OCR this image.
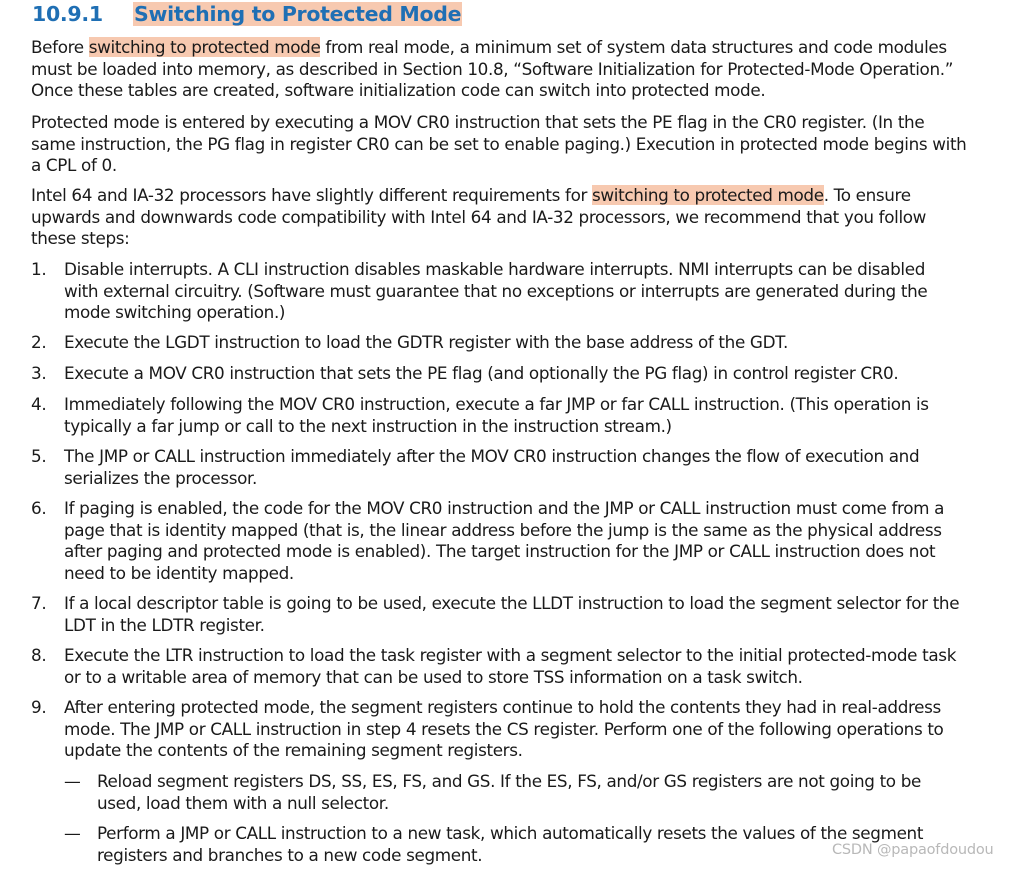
10.9.1	Switching to Protected Mode
Before switching to protected mode from real mode, a minimum set of system data structures and code modules
must be loaded into memory, as described in Section 10.8, “Software Initialization for Protected-Mode Operation.”
Once these tables are created, software initialization code can switch into protected mode.
Protected mode is entered by executing a MOV CR0 instruction that sets the PE flag in the CR0 register. (In the
same instruction, the PG flag in register CR0 can be set to enable paging.) Execution in protected mode begins with
a CPL of 0.
Intel 64 and IA-32 processors have slightly different requirements for switching to protected mode. To ensure
upwards and downwards code compatibility with Intel 64 and IA-32 processors, we recommend that you follow
these steps:
1. Disable interrupts. A CLI instruction disables maskable hardware interrupts. NMI interrupts can be disabled
with external circuitry. (Software must guarantee that no exceptions or interrupts are generated during the
mode switching operation.)
2. Execute the LGDT instruction to load the GDTR register with the base address of the GDT.
3. Execute a MOV CR0 instruction that sets the PE flag (and optionally the PG flag) in control register CR0.
4. Immediately following the MOV CR0 instruction, execute a far JMP or far CALL instruction. (This operation is
typically a far jump or call to the next instruction in the instruction stream.)
5. The JMP or CALL instruction immediately after the MOV CR0 instruction changes the flow of execution and
serializes the processor.
6. If paging is enabled, the code for the MOV CR0 instruction and the JMP or CALL instruction must come from a
page that is identity mapped (that is, the linear address before the jump is the same as the physical address
after paging and protected mode is enabled). The target instruction for the JMP or CALL instruction does not
need to be identity mapped.
7. If a local descriptor table is going to be used, execute the LLDT instruction to load the segment selector for the
LDT in the LDTR register.
8. Execute the LTR instruction to load the task register with a segment selector to the initial protected-mode task
or to a writable area of memory that can be used to store TSS information on a task switch.
9. After entering protected mode, the segment registers continue to hold the contents they had in real-address
mode. The JMP or CALL instruction in step 4 resets the CS register. Perform one of the following operations to
update the contents of the remaining segment registers.
— Reload segment registers DS, SS, ES, FS, and GS. If the ES, FS, and/or GS registers are not going to be
used, load them with a null selector.
— Perform a JMP or CALL instruction to a new task, which automatically resets the values of the segment
registers and branches to a new code segment.	CSDN @papaofdoudou
